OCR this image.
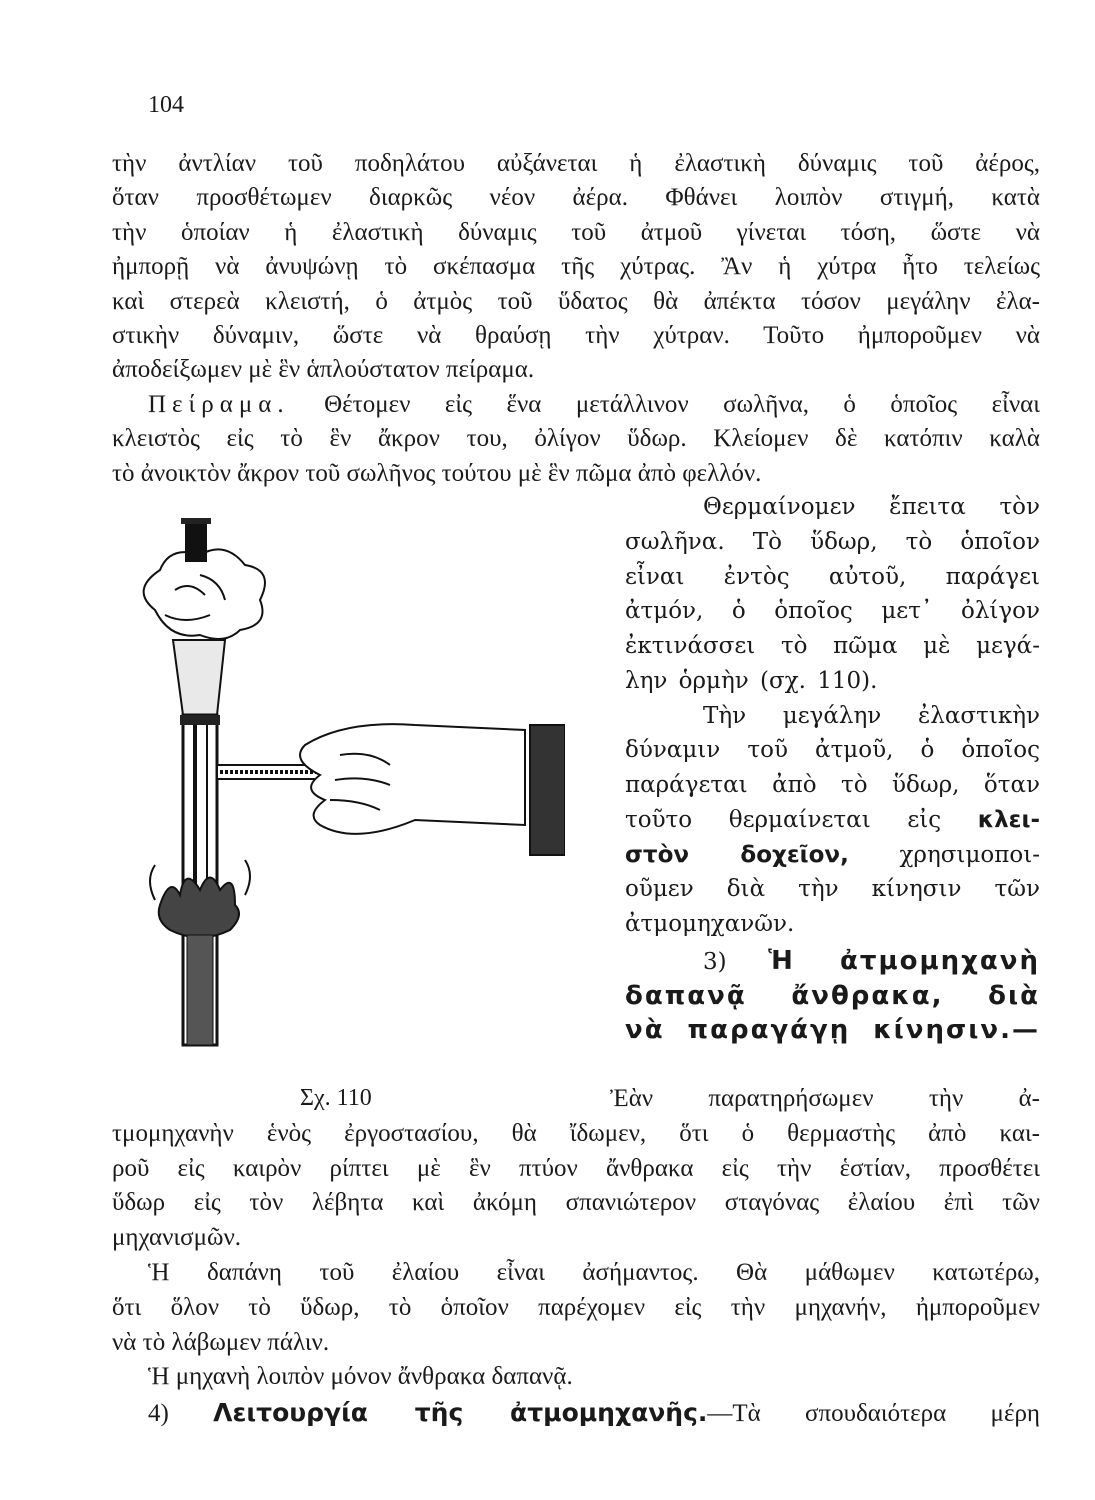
104
τὴν ἀντλίαν τοῦ ποδηλάτου αὐξάνεται ἡ ἐλαστικὴ δύναμις τοῦ ἀέρος,
ὅταν προσθέτωμεν διαρκῶς νέον ἀέρα. Φθάνει λοιπὸν στιγμή, κατὰ
τὴν ὁποίαν ἡ ἐλαστικὴ δύναμις τοῦ ἀτμοῦ γίνεται τόση, ὥστε νὰ
ἠμπορῇ νὰ ἀνυψώνῃ τὸ σκέπασμα τῆς χύτρας. Ἂν ἡ χύτρα ἦτο τελείως
καὶ στερεὰ κλειστή, ὁ ἀτμὸς τοῦ ὕδατος θὰ ἀπέκτα τόσον μεγάλην ἐλα-
στικὴν δύναμιν, ὥστε νὰ θραύσῃ τὴν χύτραν. Τοῦτο ἠμποροῦμεν νὰ
ἀποδείξωμεν μὲ ἓν ἁπλούστατον πείραμα.
Πείραμα. Θέτομεν εἰς ἕνα μετάλλινον σωλῆνα, ὁ ὁποῖος εἶναι
κλειστὸς εἰς τὸ ἓν ἄκρον του, ὀλίγον ὕδωρ. Κλείομεν δὲ κατόπιν καλὰ
τὸ ἀνοικτὸν ἄκρον τοῦ σωλῆνος τούτου μὲ ἓν πῶμα ἀπὸ φελλόν.
Θερμαίνομεν ἔπειτα τὸν
σωλῆνα. Τὸ ὕδωρ, τὸ ὁποῖον
εἶναι ἐντὸς αὐτοῦ, παράγει
ἀτμόν, ὁ ὁποῖος μετ᾽ ὀλίγον
ἐκτινάσσει τὸ πῶμα μὲ μεγά-
λην ὁρμὴν (σχ. 110).
Τὴν μεγάλην ἐλαστικὴν
δύναμιν τοῦ ἀτμοῦ, ὁ ὁποῖος
παράγεται ἀπὸ τὸ ὕδωρ, ὅταν
τοῦτο θερμαίνεται εἰς κλει-
στὸν δοχεῖον, χρησιμοποι-
οῦμεν διὰ τὴν κίνησιν τῶν
ἀτμομηχανῶν.
3) Ἡ ἀτμομηχανὴ
δαπανᾷ ἄνθρακα, διὰ
νὰ παραγάγῃ κίνησιν.—
Σχ. 110	Ἐὰν παρατηρήσωμεν τὴν ἀ-
τμομηχανὴν ἑνὸς ἐργοστασίου, θὰ ἴδωμεν, ὅτι ὁ θερμαστὴς ἀπὸ και-
ροῦ εἰς καιρὸν ρίπτει μὲ ἓν πτύον ἄνθρακα εἰς τὴν ἑστίαν, προσθέτει
ὕδωρ εἰς τὸν λέβητα καὶ ἀκόμη σπανιώτερον σταγόνας ἐλαίου ἐπὶ τῶν
μηχανισμῶν.
Ἡ δαπάνη τοῦ ἐλαίου εἶναι ἀσήμαντος. Θὰ μάθωμεν κατωτέρω,
ὅτι ὅλον τὸ ὕδωρ, τὸ ὁποῖον παρέχομεν εἰς τὴν μηχανήν, ἠμποροῦμεν
νὰ τὸ λάβωμεν πάλιν.
Ἡ μηχανὴ λοιπὸν μόνον ἄνθρακα δαπανᾷ.
4) Λειτουργία τῆς ἀτμομηχανῆς.—Τὰ σπουδαιότερα μέρη
